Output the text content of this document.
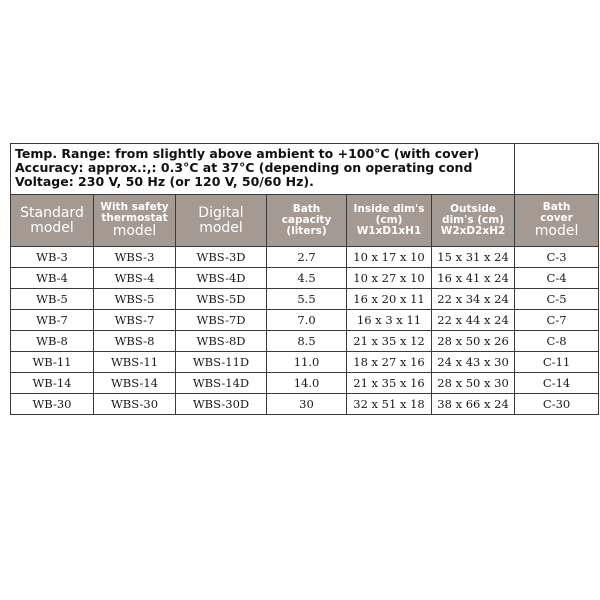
Temp. Range: from slightly above ambient to +100°C (with cover)
Accuracy: approx.:,: 0.3°C at 37°C (depending on operating cond
Voltage: 230 V, 50 Hz (or 120 V, 50/60 Hz).						

Standard
model	With safety
thermostat
model	Digital
model	Bath
capacity
(liters)	Inside dim's
(cm)
W1xD1xH1	Outside
dim's (cm)
W2xD2xH2	Bath
cover
model

WB-3	WBS-3	WBS-3D	2.7	10 x 17 x 10	15 x 31 x 24	C-3
WB-4	WBS-4	WBS-4D	4.5	10 x 27 x 10	16 x 41 x 24	C-4
WB-5	WBS-5	WBS-5D	5.5	16 x 20 x 11	22 x 34 x 24	C-5
WB-7	WBS-7	WBS-7D	7.0	16 x 3 x 11	22 x 44 x 24	C-7
WB-8	WBS-8	WBS-8D	8.5	21 x 35 x 12	28 x 50 x 26	C-8
WB-11	WBS-11	WBS-11D	11.0	18 x 27 x 16	24 x 43 x 30	C-11
WB-14	WBS-14	WBS-14D	14.0	21 x 35 x 16	28 x 50 x 30	C-14
WB-30	WBS-30	WBS-30D	30	32 x 51 x 18	38 x 66 x 24	C-30
